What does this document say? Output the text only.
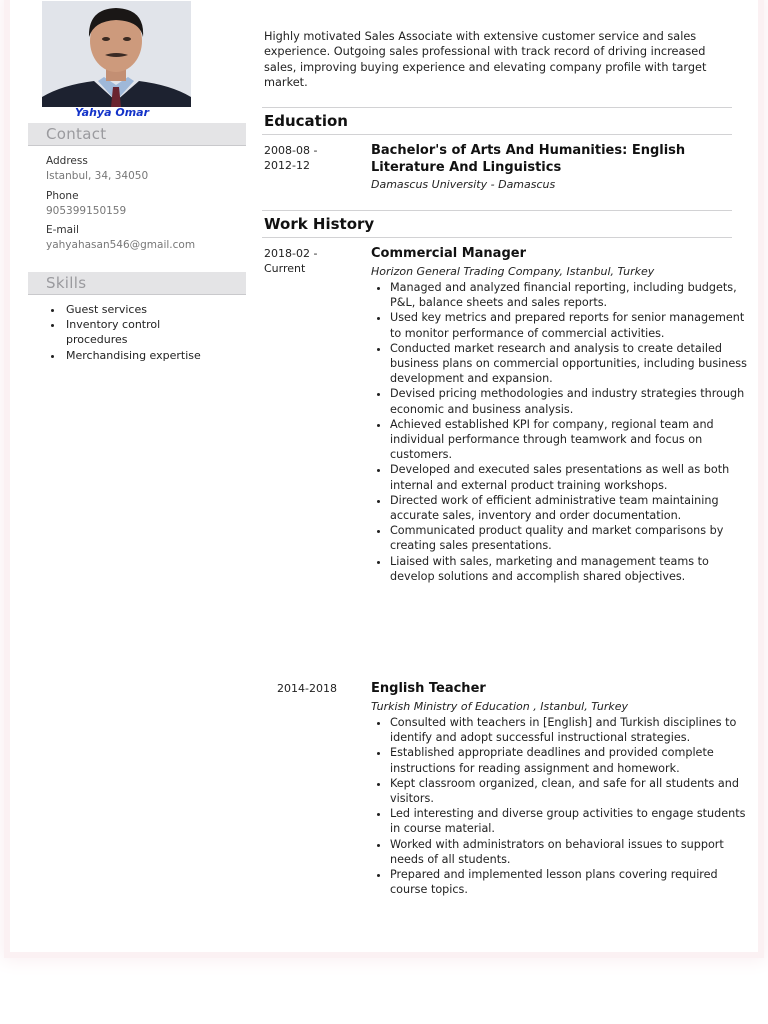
Yahya Omar
Contact
Address
Istanbul, 34, 34050
Phone
905399150159
E-mail
yahyahasan546@gmail.com
Skills
• Guest services
• Inventory control procedures
• Merchandising expertise

Highly motivated Sales Associate with extensive customer service and sales experience. Outgoing sales professional with track record of driving increased sales, improving buying experience and elevating company profile with target market.

Education
2008-08 -
2012-12
Bachelor's of Arts And Humanities: English Literature And Linguistics
Damascus University - Damascus
Work History
2018-02 -
Current
Commercial Manager
Horizon General Trading Company, Istanbul, Turkey
• Managed and analyzed financial reporting, including budgets, P&L, balance sheets and sales reports.
• Used key metrics and prepared reports for senior management to monitor performance of commercial activities.
• Conducted market research and analysis to create detailed business plans on commercial opportunities, including business development and expansion.
• Devised pricing methodologies and industry strategies through economic and business analysis.
• Achieved established KPI for company, regional team and individual performance through teamwork and focus on customers.
• Developed and executed sales presentations as well as both internal and external product training workshops.
• Directed work of efficient administrative team maintaining accurate sales, inventory and order documentation.
• Communicated product quality and market comparisons by creating sales presentations.
• Liaised with sales, marketing and management teams to develop solutions and accomplish shared objectives.
2014-2018	English Teacher
Turkish Ministry of Education , Istanbul, Turkey
• Consulted with teachers in [English] and Turkish disciplines to identify and adopt successful instructional strategies.
• Established appropriate deadlines and provided complete instructions for reading assignment and homework.
• Kept classroom organized, clean, and safe for all students and visitors.
• Led interesting and diverse group activities to engage students in course material.
• Worked with administrators on behavioral issues to support needs of all students.
• Prepared and implemented lesson plans covering required course topics.
